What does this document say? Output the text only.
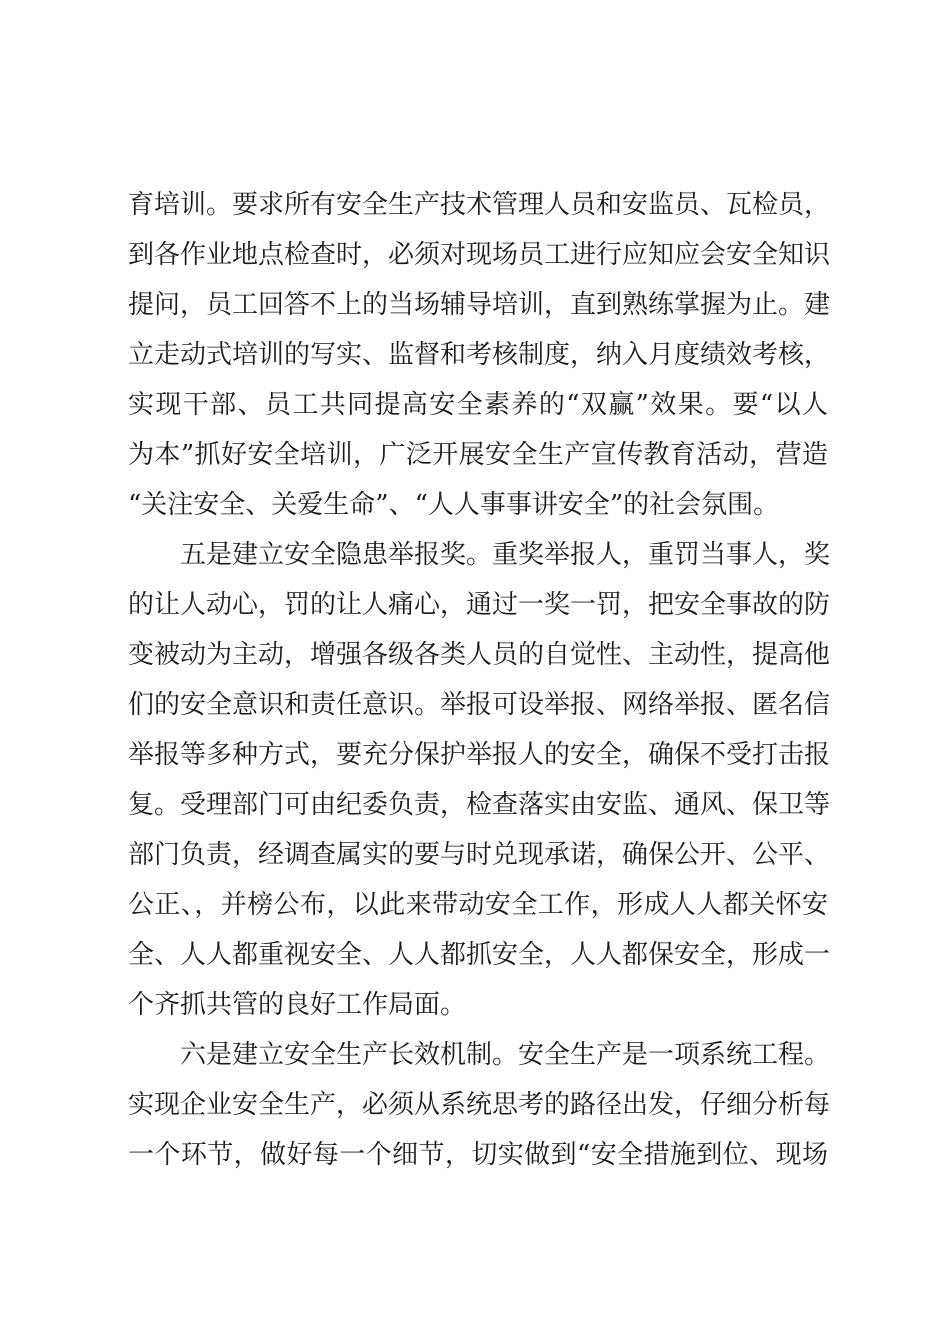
育培训。要求所有安全生产技术管理人员和安监员、瓦检员，
到各作业地点检查时，必须对现场员工进行应知应会安全知识
提问，员工回答不上的当场辅导培训，直到熟练掌握为止。建
立走动式培训的写实、监督和考核制度，纳入月度绩效考核，
实现干部、员工共同提高安全素养的“双赢”效果。要“以人
为本”抓好安全培训，广泛开展安全生产宣传教育活动，营造
“关注安全、关爱生命”、“人人事事讲安全”的社会氛围。
五是建立安全隐患举报奖。重奖举报人，重罚当事人，奖
的让人动心，罚的让人痛心，通过一奖一罚，把安全事故的防
变被动为主动，增强各级各类人员的自觉性、主动性，提高他
们的安全意识和责任意识。举报可设举报、网络举报、匿名信
举报等多种方式，要充分保护举报人的安全，确保不受打击报
复。受理部门可由纪委负责，检查落实由安监、通风、保卫等
部门负责，经调查属实的要与时兑现承诺，确保公开、公平、
公正、，并榜公布，以此来带动安全工作，形成人人都关怀安
全、人人都重视安全、人人都抓安全，人人都保安全，形成一
个齐抓共管的良好工作局面。
六是建立安全生产长效机制。安全生产是一项系统工程。
实现企业安全生产，必须从系统思考的路径出发，仔细分析每
一个环节，做好每一个细节，切实做到“安全措施到位、现场
